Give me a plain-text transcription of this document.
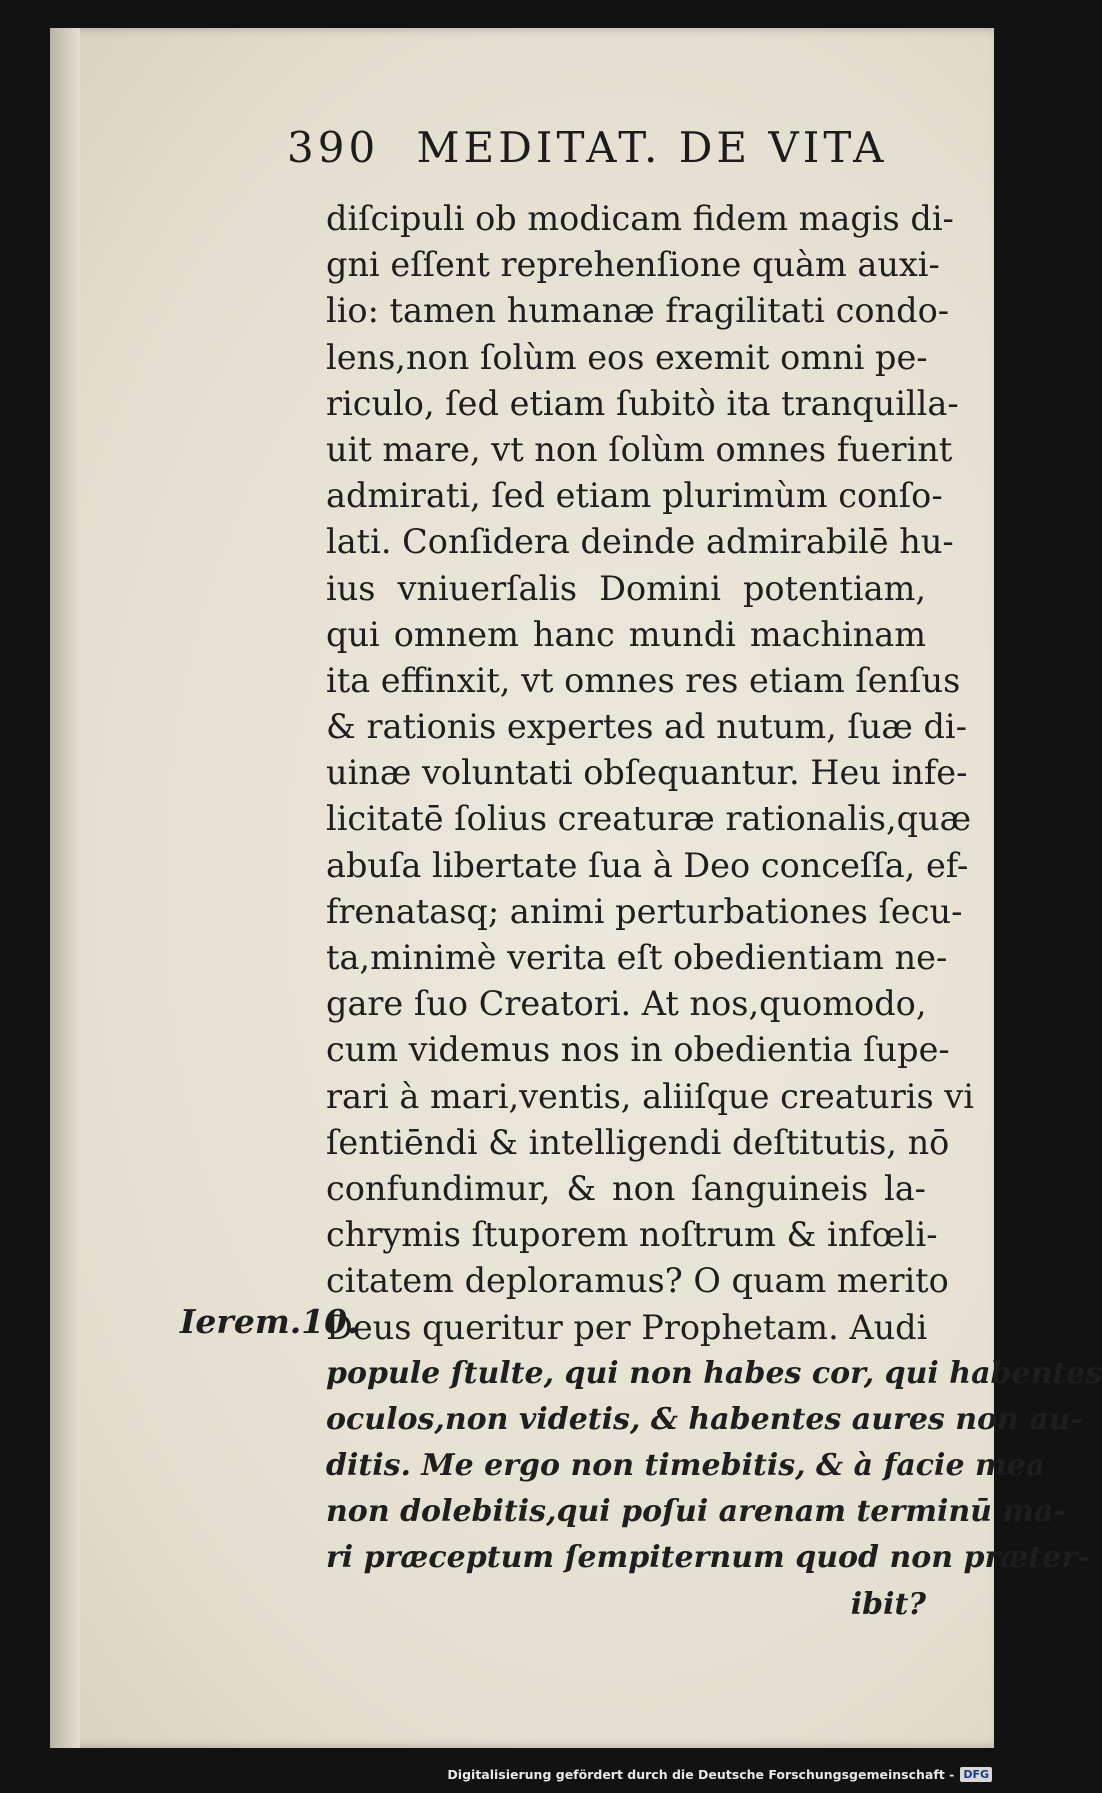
390 MEDITAT. DE VITA
Ierem.10.
diſcipuli ob modicam fidem magis di-
gni eſſent reprehenſione quàm auxi-
lio: tamen humanæ fragilitati condo-
lens,non ſolùm eos exemit omni pe-
riculo, ſed etiam ſubitò ita tranquilla-
uit mare, vt non ſolùm omnes fuerint
admirati, ſed etiam plurimùm conſo-
lati. Conſidera deinde admirabilē hu-
ius vniuerſalis Domini potentiam,
qui omnem hanc mundi machinam
ita effinxit, vt omnes res etiam ſenſus
& rationis expertes ad nutum, ſuæ di-
uinæ voluntati obſequantur. Heu infe-
licitatē ſolius creaturæ rationalis,quæ
abuſa libertate ſua à Deo conceſſa, ef-
frenatasq; animi perturbationes ſecu-
ta,minimè verita eſt obedientiam ne-
gare ſuo Creatori. At nos,quomodo,
cum videmus nos in obedientia ſupe-
rari à mari,ventis, aliiſque creaturis vi
ſentiēndi & intelligendi deſtitutis, nō
confundimur, & non ſanguineis la-
chrymis ſtuporem noſtrum & infœli-
citatem deploramus? O quam merito
Deus queritur per Prophetam. Audi
popule ſtulte, qui non habes cor, qui habentes
oculos,non videtis, & habentes aures non au-
ditis. Me ergo non timebitis, & à facie mea
non dolebitis,qui poſui arenam terminū ma-
ri præceptum ſempiternum quod non præter-
ibit?
Digitalisierung gefördert durch die Deutsche Forschungsgemeinschaft - DFG
